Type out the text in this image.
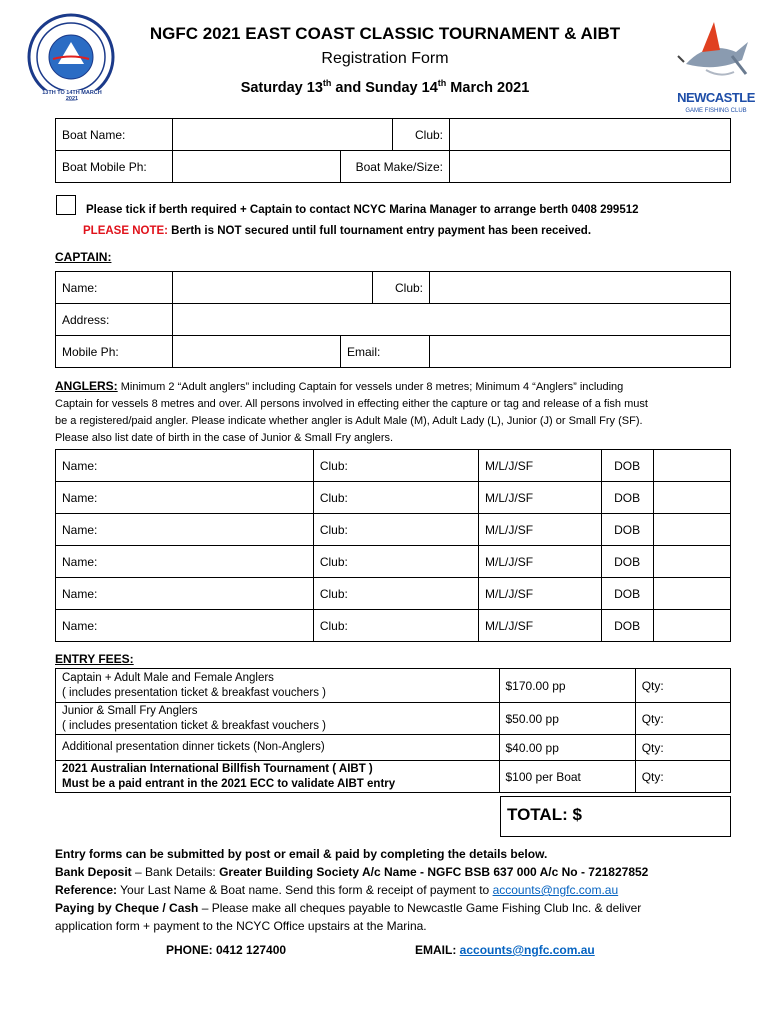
13TH TO 14TH MARCH 2021	NEWCASTLE
GAME FISHING CLUB
NGFC 2021 EAST COAST CLASSIC TOURNAMENT & AIBT
Registration Form
Saturday 13th and Sunday 14th March 2021
Boat Name:			Club:	
Boat Mobile Ph:		Boat Make/Size:		
Please tick if berth required + Captain to contact NCYC Marina Manager to arrange berth 0408 299512
PLEASE NOTE: Berth is NOT secured until full tournament entry payment has been received.
CAPTAIN:
Name:			Club:	
Address:				
Mobile Ph:		Email:		
ANGLERS: Minimum 2 “Adult anglers” including Captain for vessels under 8 metres; Minimum 4 “Anglers” including
Captain for vessels 8 metres and over. All persons involved in effecting either the capture or tag and release of a fish must
be a registered/paid angler. Please indicate whether angler is Adult Male (M), Adult Lady (L), Junior (J) or Small Fry (SF).
Please also list date of birth in the case of Junior & Small Fry anglers.
Name:		Club:		M/L/J/SF	DOB	
Name:		Club:		M/L/J/SF	DOB	
Name:		Club:		M/L/J/SF	DOB	
Name:		Club:		M/L/J/SF	DOB	
Name:		Club:		M/L/J/SF	DOB	
Name:		Club:		M/L/J/SF	DOB	
ENTRY FEES:
Captain + Adult Male and Female Anglers
( includes presentation ticket & breakfast vouchers )	$170.00 pp	Qty:

Junior & Small Fry Anglers
( includes presentation ticket & breakfast vouchers )	$50.00 pp	Qty:

Additional presentation dinner tickets (Non-Anglers)	$40.00 pp	Qty:

2021 Australian International Billfish Tournament ( AIBT )
Must be a paid entrant in the 2021 ECC to validate AIBT entry	$100 per Boat	Qty:
TOTAL: $
Entry forms can be submitted by post or email & paid by completing the details below.
Bank Deposit – Bank Details: Greater Building Society A/c Name - NGFC BSB 637 000 A/c No - 721827852
Reference: Your Last Name & Boat name. Send this form & receipt of payment to accounts@ngfc.com.au
Paying by Cheque / Cash – Please make all cheques payable to Newcastle Game Fishing Club Inc. & deliver
application form + payment to the NCYC Office upstairs at the Marina.
PHONE: 0412 127400	EMAIL: accounts@ngfc.com.au
